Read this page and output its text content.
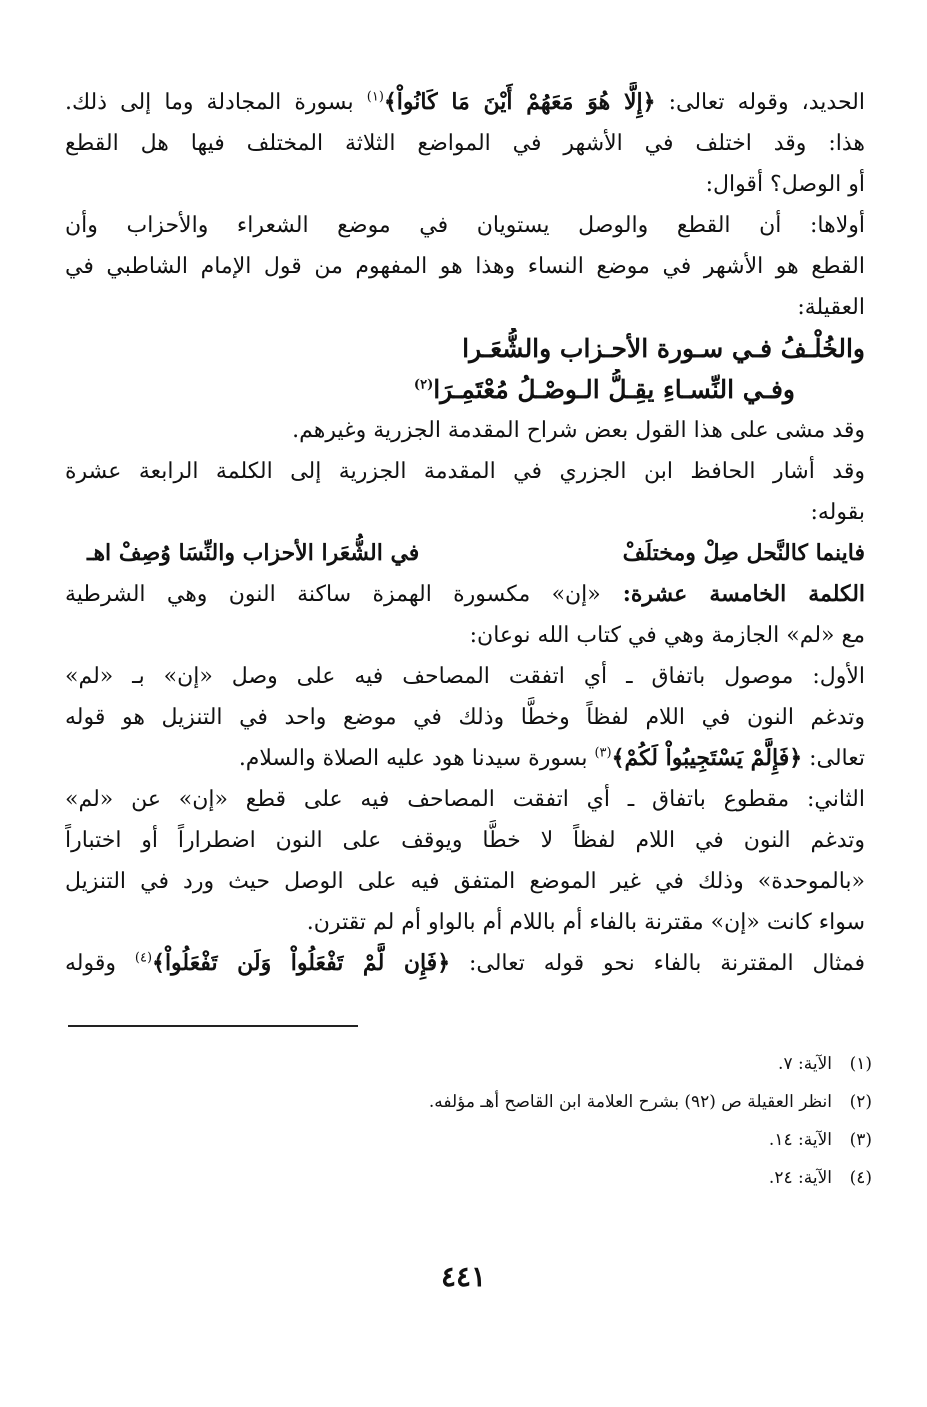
الحديد، وقوله تعالى: ﴿إِلَّا هُوَ مَعَهُمْ أَيْنَ مَا كَانُواْ﴾$^{(١)}$ بسورة المجادلة وما إلى ذلك.
هذا: وقد اختلف في الأشهر في المواضع الثلاثة المختلف فيها هل القطع
أو الوصل؟ أقوال:
أولاها: أن القطع والوصل يستويان في موضع الشعراء والأحزاب وأن
القطع هو الأشهر في موضع النساء وهذا هو المفهوم من قول الإمام الشاطبي في
العقيلة:
والخُلْـفُ فـي سـورة الأحـزاب والشُّعَـرا
وفـي النِّسـاءِ يقِـلُّ الـوصْـلُ مُعْتَمِـرَا$^{(٢)}$
وقد مشى على هذا القول بعض شراح المقدمة الجزرية وغيرهم.
وقد أشار الحافظ ابن الجزري في المقدمة الجزرية إلى الكلمة الرابعة عشرة
بقوله:
فاينما كالنَّحل صِلْ ومختلَفْ
في الشُّعَرا الأحزاب والنِّسَا وُصِفْ اهـ
الكلمة الخامسة عشرة: «إن» مكسورة الهمزة ساكنة النون وهي الشرطية
مع «لم» الجازمة وهي في كتاب الله نوعان:
الأول: موصول باتفاق ـ أي اتفقت المصاحف فيه على وصل «إن» بـ «لم»
وتدغم النون في اللام لفظاً وخطًّا وذلك في موضع واحد في التنزيل هو قوله
تعالى: ﴿فَإِلَّمْ يَسْتَجِيبُواْ لَكُمْ﴾$^{(٣)}$ بسورة سيدنا هود عليه الصلاة والسلام.
الثاني: مقطوع باتفاق ـ أي اتفقت المصاحف فيه على قطع «إن» عن «لم»
وتدغم النون في اللام لفظاً لا خطًّا ويوقف على النون اضطراراً أو اختباراً
«بالموحدة» وذلك في غير الموضع المتفق فيه على الوصل حيث ورد في التنزيل
سواء كانت «إن» مقترنة بالفاء أم باللام أم بالواو أم لم تقترن.
فمثال المقترنة بالفاء نحو قوله تعالى: ﴿فَإِن لَّمْ تَفْعَلُواْ وَلَن تَفْعَلُواْ﴾$^{(٤)}$ وقوله
(١)الآية: ٧.
(٢)انظر العقيلة ص (٩٢) بشرح العلامة ابن القاصح أهـ مؤلفه.
(٣)الآية: ١٤.
(٤)الآية: ٢٤.
٤٤١
